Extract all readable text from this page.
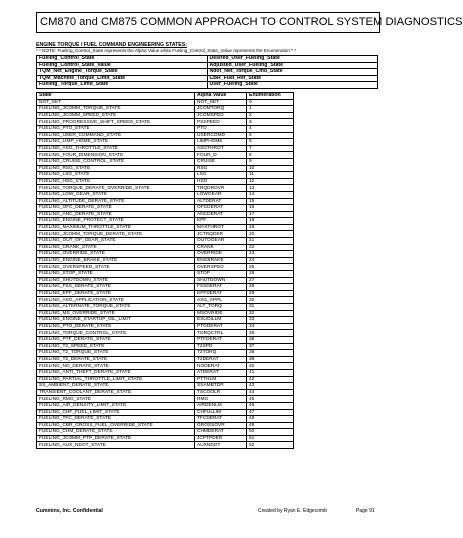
CM870 and CM875 COMMON APPROACH TO CONTROL SYSTEM DIAGNOSTICS
ENGINE TORQUE / FUEL COMMAND ENGINEERING STATES:
* * NOTE: Fueling_Control_State represents the Alpha Value while Fueling_Control_State_Value represents the Enumeration * *
Fueling_Control_State	Desired_User_Fueling_State
Fueling_Control_State_Value	Adjusted_User_Fueling_State
TQM_Net_Engine_Torque_State	Ndot_Net_Torque_Cmd_State
TQM_Machine_Torque_Limit_State	CBR_Fuel_Ref_State
Fueling_Torque_Limit_State	User_Fueling_State
State	Alpha Value	Enumeration
NOT_SET	NOT_SET	0
FUELING_JCOMM_TORQUE_STATE	JCOMTORQ	1
FUELING_JCOMM_SPEED_STATE	JCOMSPED	2
FUELING_PROGRESSIVE_SHIFT_SPEED_STATE	PSSPEED	3
FUELING_PTO_STATE	PTO	4
FUELING_USER_COMMAND_STATE	USERCOMD	5
FUELING_LIMP_HOME_STATE	LIMPHOME	6
FUELING_ASG_THROTTLE_STATE	ASGTHROT	7
FUELING_FOUR_DIMENSION_STATE	FOUR_D	8
FUELING_CRUISE_CONTROL_STATE	CRUISE	9
FUELING_RSG_STATE	RSG	10
FUELING_LSG_STATE	LSG	11
FUELING_HSG_STATE	HSG	12
FUELING_TORQUE_DERATE_OVERRIDE_STATE	TRQDROVR	13
FUELING_LOW_GEAR_STATE	LOWGEAR	14
FUELING_ALTITUDE_DERATE_STATE	ALTDERAT	15
FUELING_OFC_DERATE_STATE	OFCDERAT	16
FUELING_ANC_DERATE_STATE	ANCDERAT	17
FUELING_ENGINE_PROTECT_STATE	EPF	18
FUELING_MAXIMUM_THROTTLE_STATE	MAXTHROT	19
FUELING_JCOMM_TORQUE_DERATE_STATE	JCTRQDER	20
FUELING_OUT_OF_GEAR_STATE	OUTOGEAR	21
FUELING_CRANK_STATE	CRANK	22
FUELING_OVERRIDE_STATE	OVERRIDE	23
FUELING_ENGINE_BRAKE_STATE	ENGBRAKE	24
FUELING_OVERSPEED_STATE	OVERSPED	25
FUELING_STOP_STATE	STOP	26
FUELING_SHUTDOWN_STATE	SHUTDOWN	27
FUELING_FSS_DERATE_STATE	FSSDERAT	28
FUELING_EPF_DERATE_STATE	EPFDERAT	29
FUELING_ASG_APPLICATION_STATE	ASG_APPL	30
FUELING_ALTERNATE_TORQUE_STATE	ALT_TORQ	31
FUELING_MS_OVERRIDE_STATE	MSOVRIDE	32
FUELING_ENGINE_STARTUP_OIL_LIMIT	ESUOILLM	33
FUELING_PTO_DERATE_STATE	PTODERAT	34
FUELING_TORQUE_CONTROL_STATE	TORQCTRL	35
FUELING_PTF_DERATE_STATE	PTFDERAT	36
FUELING_T2_SPEED_STATE	T2SPD	37
FUELING_T2_TORQUE_STATE	T2TORQ	38
FUELING_T2_DERATE_STATE	T2DERAT	39
FUELING_NO_DERATE_STATE	NODERAT	40
FUELING_ANTI_THEFT_DERATE_STATE	ATDERAT	41
FUELING_PARTIAL_THROTTLE_LIMIT_STATE	PTTHLM	42
SS_AMBIENT_DERATE_STATE	SSAMBTDR	43
TRANSIENT_COOLANT_DERATE_STATE	TSCOOLR	44
FUELING_RMG_STATE	RMG	45
FUELING_AIR_DENSITY_LIMIT_STATE	AIRDENLM	46
FUELING_CHF_FUEL_LIMIT_STATE	CHFULLIM	47
FUELING_TFC_DERATE_STATE	TFCDERAT	48
FUELING_CBR_GROSS_FUEL_OVERRIDE_STATE	GROSSOVR	49
FUELING_CHM_DERATE_STATE	CHMDERAT	50
FUELING_JCOMM_PTP_DERATE_STATE	JCPTPDER	51
FUELING_AUX_NDOT_STATE	AUXNDOT	52
Cummins, Inc. Confidential	Created by Ryan E. Edgecomb	Page 91
